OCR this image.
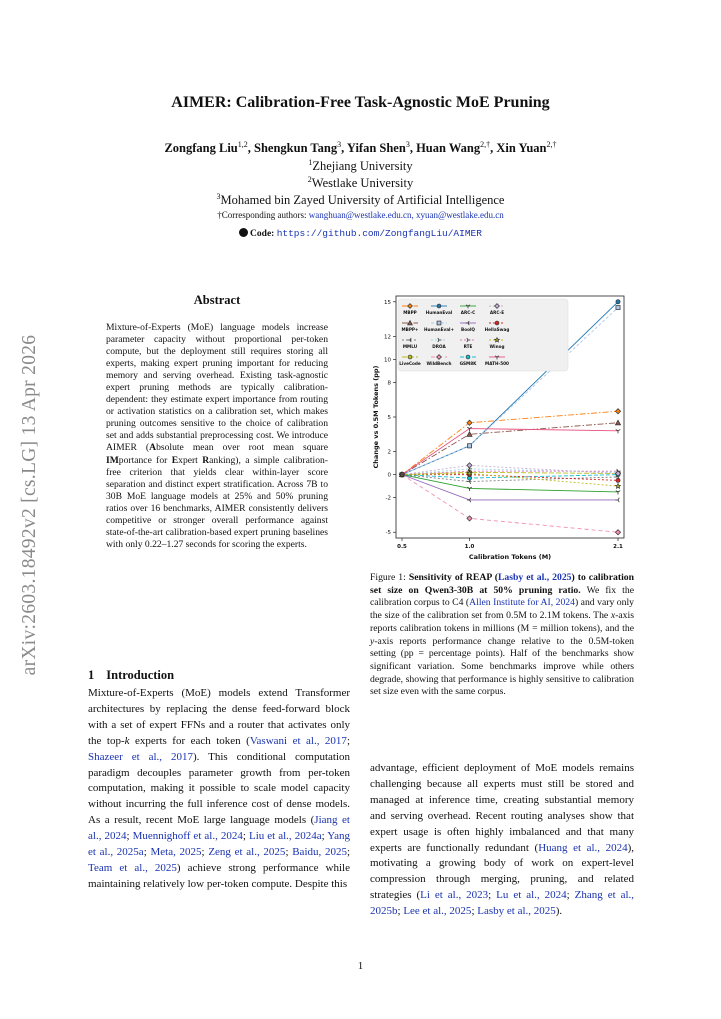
arXiv:2603.18492v2 [cs.LG] 13 Apr 2026
AIMER: Calibration-Free Task-Agnostic MoE Pruning
Zongfang Liu$^{1,2}$, Shengkun Tang$^3$, Yifan Shen$^3$, Huan Wang$^{2,\dagger}$, Xin Yuan$^{2,\dagger}$
$^1$Zhejiang University
$^2$Westlake University
$^3$Mohamed bin Zayed University of Artificial Intelligence
†Corresponding authors: wanghuan@westlake.edu.cn, xyuan@westlake.edu.cn
Code: https://github.com/ZongfangLiu/AIMER
Abstract
Mixture-of-Experts (MoE) language models increase parameter capacity without proportional per-token compute, but the deployment still requires storing all experts, making expert pruning important for reducing memory and serving overhead. Existing task-agnostic expert pruning methods are typically calibration-dependent: they estimate expert importance from routing or activation statistics on a calibration set, which makes pruning outcomes sensitive to the choice of calibration set and adds substantial preprocessing cost. We introduce AIMER (Absolute mean over root mean square IMportance for Expert Ranking), a simple calibration-free criterion that yields clear within-layer score separation and distinct expert stratification. Across 7B to 30B MoE language models at 25% and 50% pruning ratios over 16 benchmarks, AIMER consistently delivers competitive or stronger overall performance against state-of-the-art calibration-based expert pruning baselines with only 0.22–1.27 seconds for scoring the experts.
1 Introduction
Mixture-of-Experts (MoE) models extend Transformer architectures by replacing the dense feed-forward block with a set of expert FFNs and a router that activates only the top-k experts for each token (Vaswani et al., 2017; Shazeer et al., 2017). This conditional computation paradigm decouples parameter growth from per-token computation, making it possible to scale model capacity without incurring the full inference cost of dense models. As a result, recent MoE large language models (Jiang et al., 2024; Muennighoff et al., 2024; Liu et al., 2024a; Yang et al., 2025a; Meta, 2025; Zeng et al., 2025; Baidu, 2025; Team et al., 2025) achieve strong performance while maintaining relatively low per-token compute. Despite this
-5
-2
0
2
5
8
10
12
15
0.5	1.0	2.1
Calibration Tokens (M)
Change vs 0.5M Tokens (pp)
MBPP
MBPP+
MMLU
LiveCode
HumanEval
HumanEval+
DROA
WildBench
ARC-C
BoolQ
RTE
GSM8K
ARC-E
HellaSwag
Winog
MATH-500
Figure 1: Sensitivity of REAP (Lasby et al., 2025) to calibration set size on Qwen3-30B at 50% pruning ratio. We fix the calibration corpus to C4 (Allen Institute for AI, 2024) and vary only the size of the calibration set from 0.5M to 2.1M tokens. The x-axis reports calibration tokens in millions (M = million tokens), and the y-axis reports performance change relative to the 0.5M-token setting (pp = percentage points). Half of the benchmarks show significant variation. Some benchmarks improve while others degrade, showing that performance is highly sensitive to calibration set size even with the same corpus.
advantage, efficient deployment of MoE models remains challenging because all experts must still be stored and managed at inference time, creating substantial memory and serving overhead. Recent routing analyses show that expert usage is often highly imbalanced and that many experts are functionally redundant (Huang et al., 2024), motivating a growing body of work on expert-level compression through merging, pruning, and related strategies (Li et al., 2023; Lu et al., 2024; Zhang et al., 2025b; Lee et al., 2025; Lasby et al., 2025).
1
